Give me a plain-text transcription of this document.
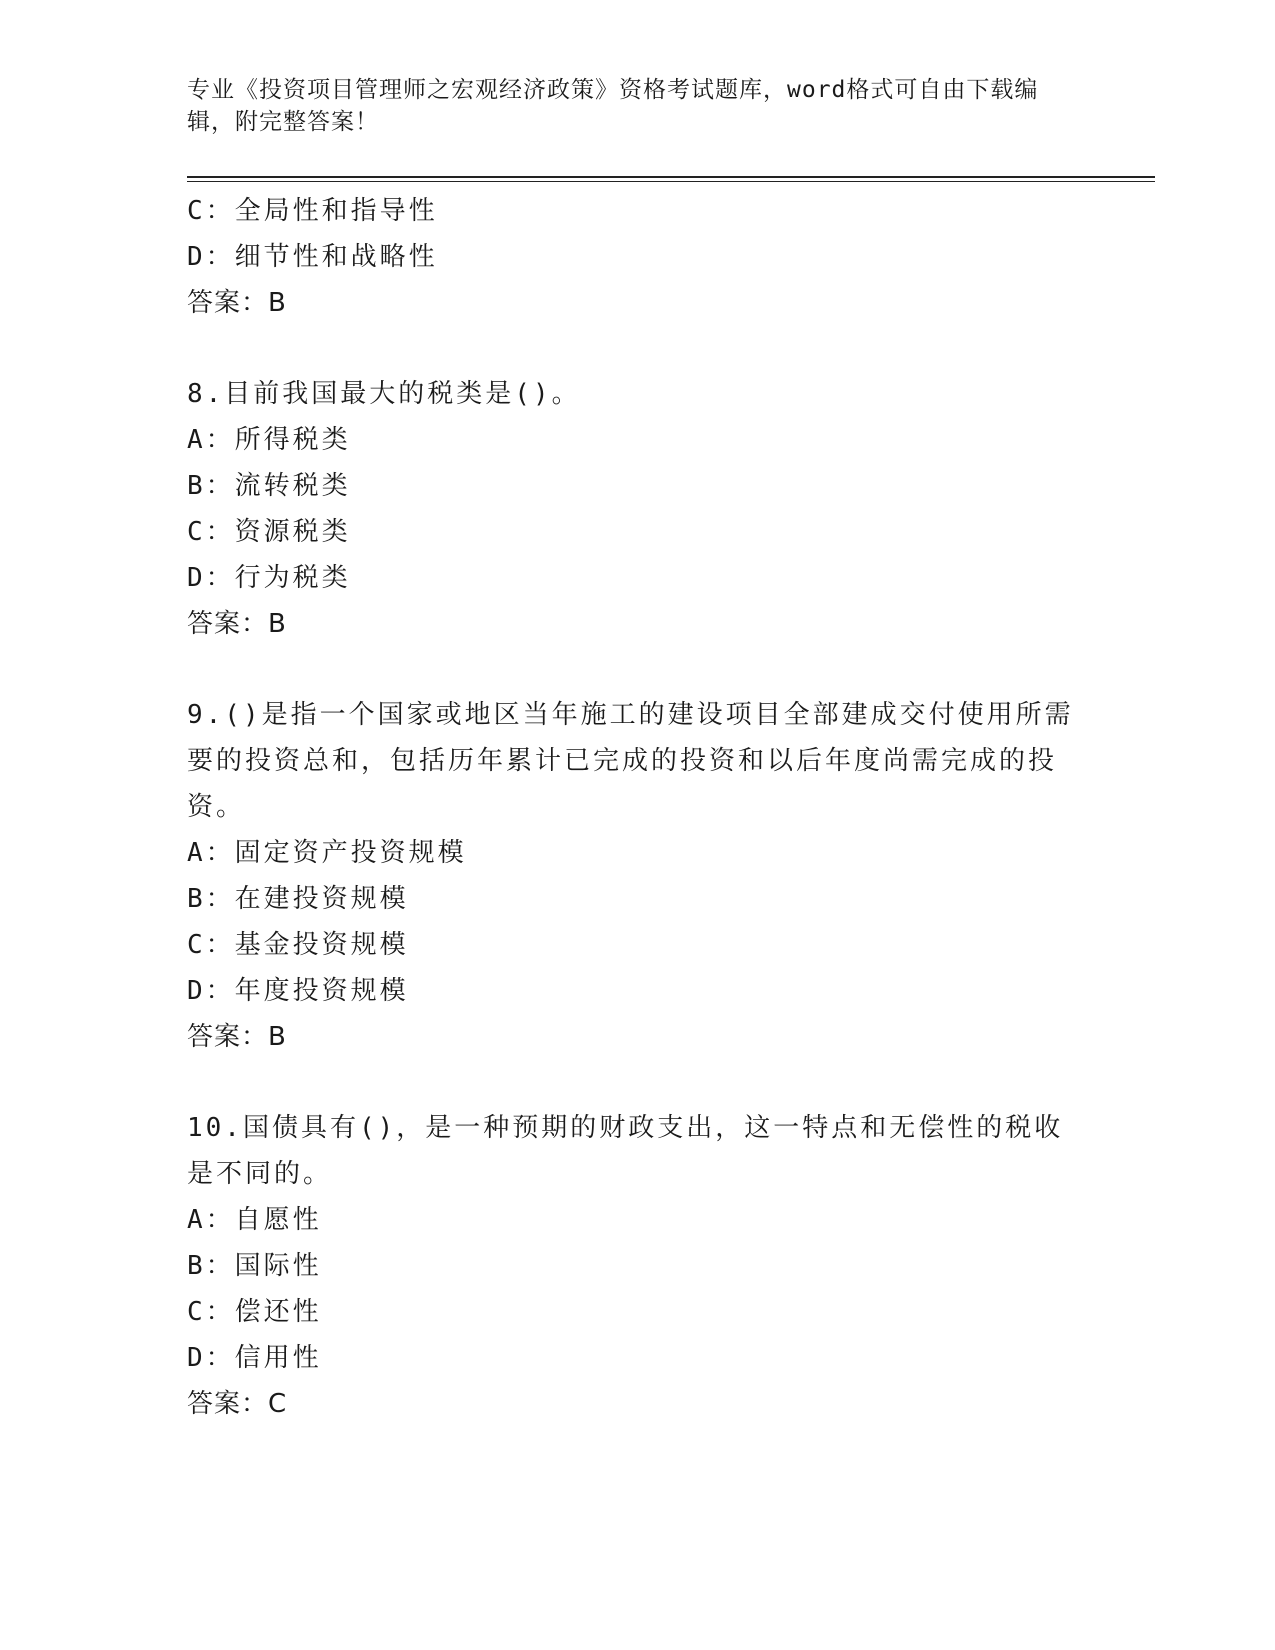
专业《投资项目管理师之宏观经济政策》资格考试题库，word格式可自由下载编辑，附完整答案！
C：全局性和指导性
D：细节性和战略性
答案：B
8.目前我国最大的税类是()。
A：所得税类
B：流转税类
C：资源税类
D：行为税类
答案：B
9.()是指一个国家或地区当年施工的建设项目全部建成交付使用所需要的投资总和，包括历年累计已完成的投资和以后年度尚需完成的投资。
A：固定资产投资规模
B：在建投资规模
C：基金投资规模
D：年度投资规模
答案：B
10.国债具有()，是一种预期的财政支出，这一特点和无偿性的税收是不同的。
A：自愿性
B：国际性
C：偿还性
D：信用性
答案：C
